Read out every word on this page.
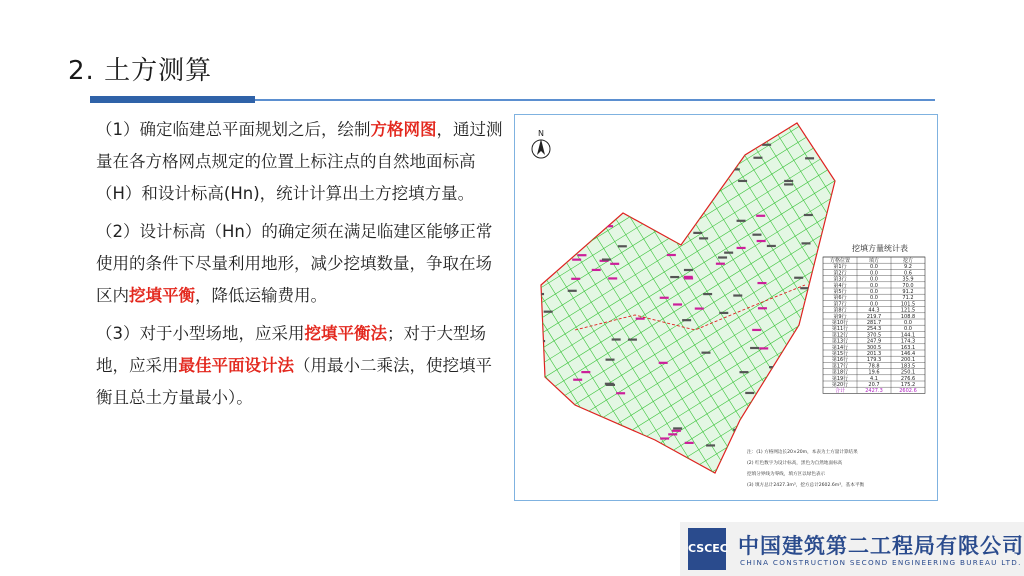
2. 土方测算

（1）确定临建总平面规划之后，绘制方格网图，通过测量在各方格网点规定的位置上标注点的自然地面标高（H）和设计标高(Hn)，统计计算出土方挖填方量。

（2）设计标高（Hn）的确定须在满足临建区能够正常使用的条件下尽量利用地形，减少挖填数量，争取在场区内挖填平衡，降低运输费用。

（3）对于小型场地，应采用挖填平衡法；对于大型场地，应采用最佳平面设计法（用最小二乘法，使挖填平衡且总土方量最小）。

N
挖填方量统计表
方格位置	填方	挖方
第1行	0.0	9.2
第2行	0.0	0.6
第3行	0.0	35.9
第4行	0.0	70.0
第5行	0.0	91.2
第6行	0.0	71.2
第7行	0.0	101.5
第8行	44.3	121.5
第9行	219.7	108.8
第10行	281.7	0.0
第11行	254.3	0.0
第12行	370.5	144.1
第13行	247.9	174.3
第14行	300.5	163.1
第15行	201.3	146.4
第16行	179.3	200.1
第17行	78.8	183.5
第18行	19.6	250.1
第19行	4.1	276.6
第20行	20.7	175.2
合计	2427.3	2602.6
注：(1) 方格网边长20×20m，本表为土方量计算结果
(2) 红色数字为设计标高，黑色为自然地面标高
挖填分界线为零线，填方区以绿色表示
(3) 填方总计2427.3m³，挖方总计2602.6m³，基本平衡
CSCEC 中国建筑第二工程局有限公司
CHINA CONSTRUCTION SECOND ENGINEERING BUREAU LTD.
